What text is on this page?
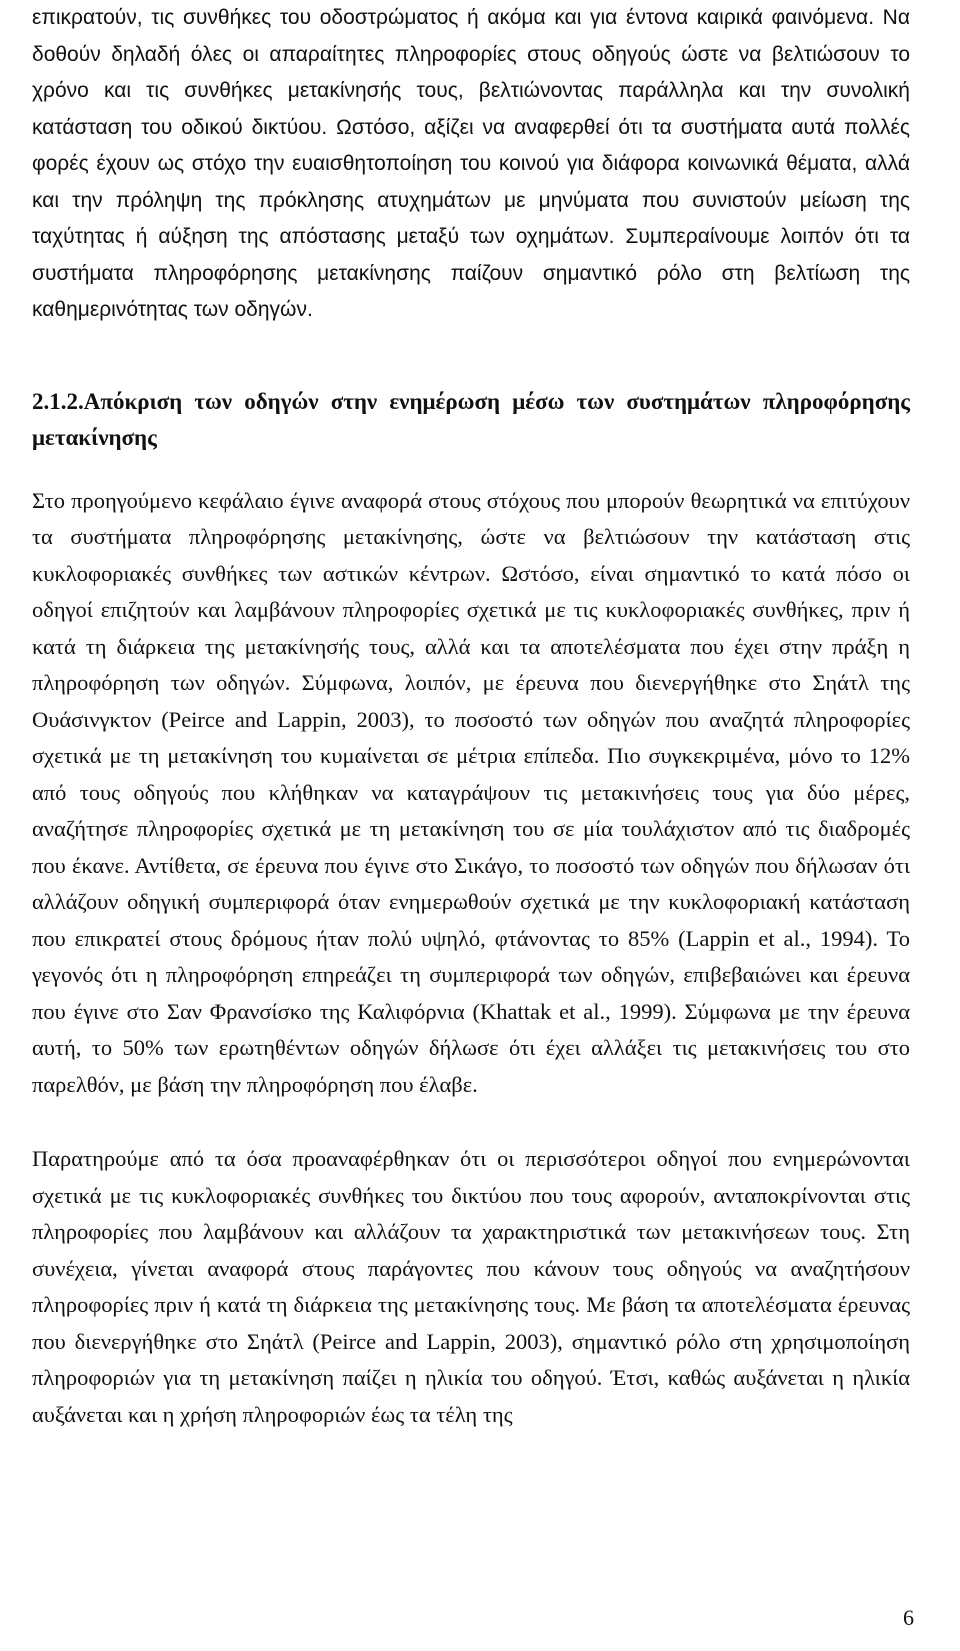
επικρατούν, τις συνθήκες του οδοστρώματος ή ακόμα και για έντονα καιρικά φαινόμενα. Να δοθούν δηλαδή όλες οι απαραίτητες πληροφορίες στους οδηγούς ώστε να βελτιώσουν το χρόνο και τις συνθήκες μετακίνησής τους, βελτιώνοντας παράλληλα και την συνολική κατάσταση του οδικού δικτύου. Ωστόσο, αξίζει να αναφερθεί ότι τα συστήματα αυτά πολλές φορές έχουν ως στόχο την ευαισθητοποίηση του κοινού για διάφορα κοινωνικά θέματα, αλλά και την πρόληψη της πρόκλησης ατυχημάτων με μηνύματα που συνιστούν μείωση της ταχύτητας ή αύξηση της απόστασης μεταξύ των οχημάτων. Συμπεραίνουμε λοιπόν ότι τα συστήματα πληροφόρησης μετακίνησης παίζουν σημαντικό ρόλο στη βελτίωση της καθημερινότητας των οδηγών.

2.1.2.Απόκριση των οδηγών στην ενημέρωση μέσω των συστημάτων πληροφόρησης μετακίνησης

Στο προηγούμενο κεφάλαιο έγινε αναφορά στους στόχους που μπορούν θεωρητικά να επιτύχουν τα συστήματα πληροφόρησης μετακίνησης, ώστε να βελτιώσουν την κατάσταση στις κυκλοφοριακές συνθήκες των αστικών κέντρων. Ωστόσο, είναι σημαντικό το κατά πόσο οι οδηγοί επιζητούν και λαμβάνουν πληροφορίες σχετικά με τις κυκλοφοριακές συνθήκες, πριν ή κατά τη διάρκεια της μετακίνησής τους, αλλά και τα αποτελέσματα που έχει στην πράξη η πληροφόρηση των οδηγών. Σύμφωνα, λοιπόν, με έρευνα που διενεργήθηκε στο Σηάτλ της Ουάσινγκτον (Peirce and Lappin, 2003), το ποσοστό των οδηγών που αναζητά πληροφορίες σχετικά με τη μετακίνηση του κυμαίνεται σε μέτρια επίπεδα. Πιο συγκεκριμένα, μόνο το 12% από τους οδηγούς που κλήθηκαν να καταγράψουν τις μετακινήσεις τους για δύο μέρες, αναζήτησε πληροφορίες σχετικά με τη μετακίνηση του σε μία τουλάχιστον από τις διαδρομές που έκανε. Αντίθετα, σε έρευνα που έγινε στο Σικάγο, το ποσοστό των οδηγών που δήλωσαν ότι αλλάζουν οδηγική συμπεριφορά όταν ενημερωθούν σχετικά με την κυκλοφοριακή κατάσταση που επικρατεί στους δρόμους ήταν πολύ υψηλό, φτάνοντας το 85% (Lappin et al., 1994). Το γεγονός ότι η πληροφόρηση επηρεάζει τη συμπεριφορά των οδηγών, επιβεβαιώνει και έρευνα που έγινε στο Σαν Φρανσίσκο της Καλιφόρνια (Khattak et al., 1999). Σύμφωνα με την έρευνα αυτή, το 50% των ερωτηθέντων οδηγών δήλωσε ότι έχει αλλάξει τις μετακινήσεις του στο παρελθόν, με βάση την πληροφόρηση που έλαβε.

Παρατηρούμε από τα όσα προαναφέρθηκαν ότι οι περισσότεροι οδηγοί που ενημερώνονται σχετικά με τις κυκλοφοριακές συνθήκες του δικτύου που τους αφορούν, ανταποκρίνονται στις πληροφορίες που λαμβάνουν και αλλάζουν τα χαρακτηριστικά των μετακινήσεων τους. Στη συνέχεια, γίνεται αναφορά στους παράγοντες που κάνουν τους οδηγούς να αναζητήσουν πληροφορίες πριν ή κατά τη διάρκεια της μετακίνησης τους. Με βάση τα αποτελέσματα έρευνας που διενεργήθηκε στο Σηάτλ (Peirce and Lappin, 2003), σημαντικό ρόλο στη χρησιμοποίηση πληροφοριών για τη μετακίνηση παίζει η ηλικία του οδηγού. Έτσι, καθώς αυξάνεται η ηλικία αυξάνεται και η χρήση πληροφοριών έως τα τέλη της

6
